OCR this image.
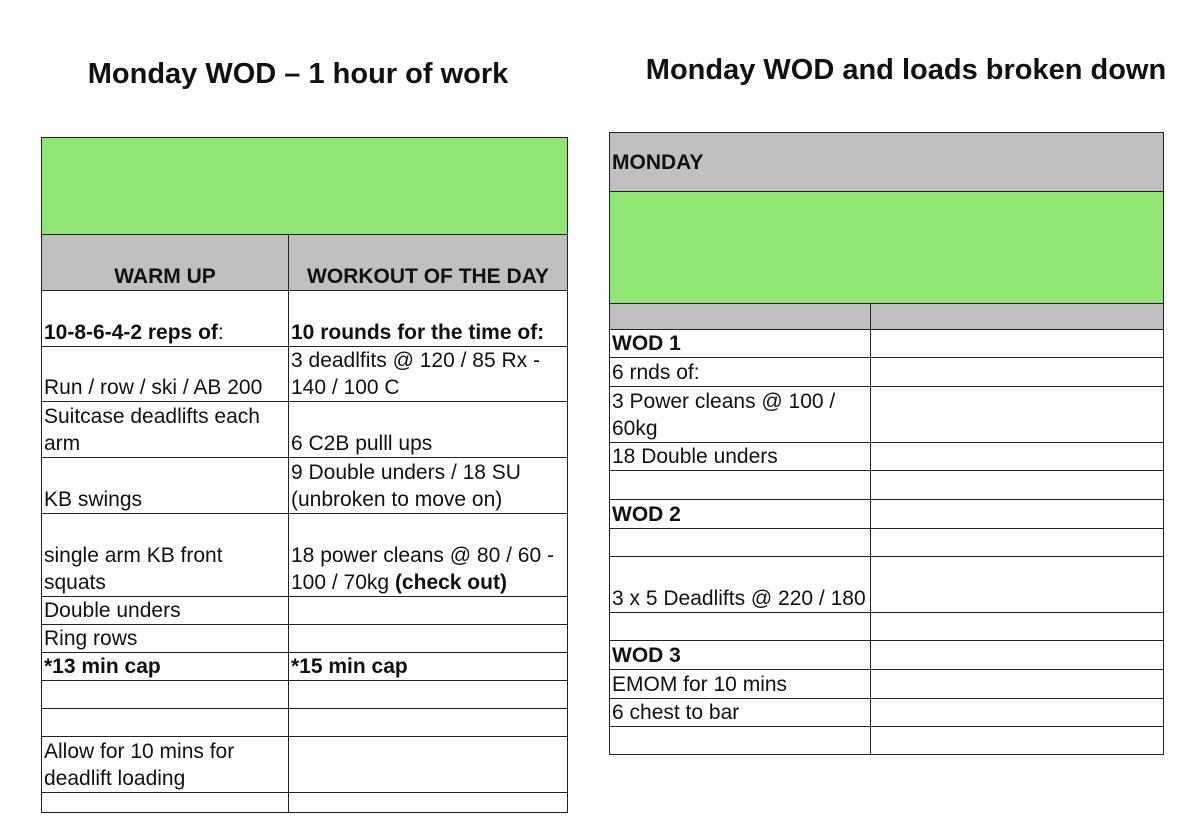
Monday WOD – 1 hour of work	Monday WOD and loads broken down

WARM UP	WORKOUT OF THE DAY
10-8-6-4-2 reps of:	10 rounds for the time of:
Run / row / ski / AB 200	3 deadlfits @ 120 / 85 Rx - 140 / 100 C
Suitcase deadlifts each arm	6 C2B pulll ups
KB swings	9 Double unders / 18 SU (unbroken to move on)
single arm KB front squats	18 power cleans @ 80 / 60 - 100 / 70kg (check out)
Double unders	
Ring rows	
*13 min cap	*15 min cap

Allow for 10 mins for deadlift loading	

MONDAY	

WOD 1	
6 rnds of:	
3 Power cleans @ 100 / 60kg	
18 Double unders	

WOD 2	

3 x 5 Deadlifts @ 220 / 180	

WOD 3	
EMOM for 10 mins	
6 chest to bar	
